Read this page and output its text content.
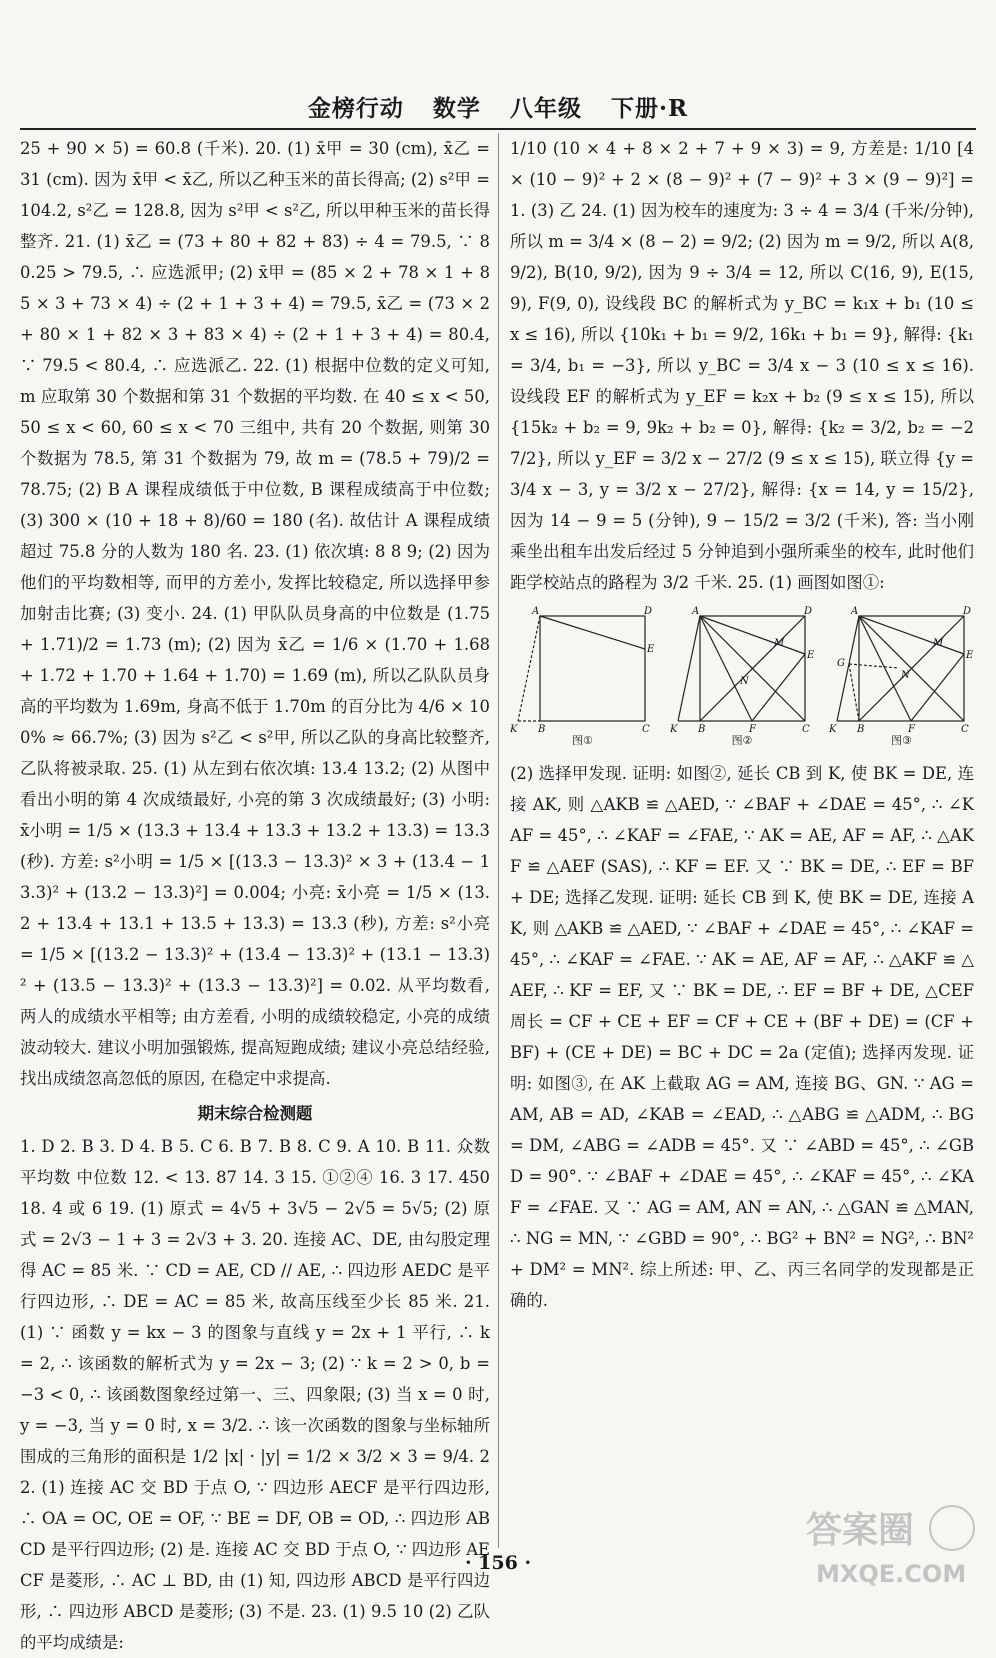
金榜行动 数学 八年级 下册·R

25 + 90 × 5) = 60.8 (千米). 20. (1) x̄甲 = 30 (cm), x̄乙 = 31 (cm). 因为 x̄甲 < x̄乙, 所以乙种玉米的苗长得高; (2) s²甲 = 104.2, s²乙 = 128.8, 因为 s²甲 < s²乙, 所以甲种玉米的苗长得整齐. 21. (1) x̄乙 = (73 + 80 + 82 + 83) ÷ 4 = 79.5, ∵ 80.25 > 79.5, ∴ 应选派甲; (2) x̄甲 = (85 × 2 + 78 × 1 + 85 × 3 + 73 × 4) ÷ (2 + 1 + 3 + 4) = 79.5, x̄乙 = (73 × 2 + 80 × 1 + 82 × 3 + 83 × 4) ÷ (2 + 1 + 3 + 4) = 80.4, ∵ 79.5 < 80.4, ∴ 应选派乙. 22. (1) 根据中位数的定义可知, m 应取第 30 个数据和第 31 个数据的平均数. 在 40 ≤ x < 50, 50 ≤ x < 60, 60 ≤ x < 70 三组中, 共有 20 个数据, 则第 30 个数据为 78.5, 第 31 个数据为 79, 故 m = (78.5 + 79)/2 = 78.75; (2) B A 课程成绩低于中位数, B 课程成绩高于中位数; (3) 300 × (10 + 18 + 8)/60 = 180 (名). 故估计 A 课程成绩超过 75.8 分的人数为 180 名. 23. (1) 依次填: 8 8 9; (2) 因为他们的平均数相等, 而甲的方差小, 发挥比较稳定, 所以选择甲参加射击比赛; (3) 变小. 24. (1) 甲队队员身高的中位数是 (1.75 + 1.71)/2 = 1.73 (m); (2) 因为 x̄乙 = 1/6 × (1.70 + 1.68 + 1.72 + 1.70 + 1.64 + 1.70) = 1.69 (m), 所以乙队队员身高的平均数为 1.69m, 身高不低于 1.70m 的百分比为 4/6 × 100% ≈ 66.7%; (3) 因为 s²乙 < s²甲, 所以乙队的身高比较整齐, 乙队将被录取. 25. (1) 从左到右依次填: 13.4 13.2; (2) 从图中看出小明的第 4 次成绩最好, 小亮的第 3 次成绩最好; (3) 小明: x̄小明 = 1/5 × (13.3 + 13.4 + 13.3 + 13.2 + 13.3) = 13.3 (秒). 方差: s²小明 = 1/5 × [(13.3 − 13.3)² × 3 + (13.4 − 13.3)² + (13.2 − 13.3)²] = 0.004; 小亮: x̄小亮 = 1/5 × (13.2 + 13.4 + 13.1 + 13.5 + 13.3) = 13.3 (秒), 方差: s²小亮 = 1/5 × [(13.2 − 13.3)² + (13.4 − 13.3)² + (13.1 − 13.3)² + (13.5 − 13.3)² + (13.3 − 13.3)²] = 0.02. 从平均数看, 两人的成绩水平相等; 由方差看, 小明的成绩较稳定, 小亮的成绩波动较大. 建议小明加强锻炼, 提高短跑成绩; 建议小亮总结经验, 找出成绩忽高忽低的原因, 在稳定中求提高.

期末综合检测题

1. D 2. B 3. D 4. B 5. C 6. B 7. B 8. C 9. A 10. B 11. 众数 平均数 中位数 12. < 13. 87 14. 3 15. ①②④ 16. 3 17. 450 18. 4 或 6 19. (1) 原式 = 4√5 + 3√5 − 2√5 = 5√5; (2) 原式 = 2√3 − 1 + 3 = 2√3 + 3. 20. 连接 AC、DE, 由勾股定理得 AC = 85 米. ∵ CD = AE, CD // AE, ∴ 四边形 AEDC 是平行四边形, ∴ DE = AC = 85 米, 故高压线至少长 85 米. 21. (1) ∵ 函数 y = kx − 3 的图象与直线 y = 2x + 1 平行, ∴ k = 2, ∴ 该函数的解析式为 y = 2x − 3; (2) ∵ k = 2 > 0, b = −3 < 0, ∴ 该函数图象经过第一、三、四象限; (3) 当 x = 0 时, y = −3, 当 y = 0 时, x = 3/2. ∴ 该一次函数的图象与坐标轴所围成的三角形的面积是 1/2 |x| · |y| = 1/2 × 3/2 × 3 = 9/4. 22. (1) 连接 AC 交 BD 于点 O, ∵ 四边形 AECF 是平行四边形, ∴ OA = OC, OE = OF, ∵ BE = DF, OB = OD, ∴ 四边形 ABCD 是平行四边形; (2) 是. 连接 AC 交 BD 于点 O, ∵ 四边形 AECF 是菱形, ∴ AC ⊥ BD, 由 (1) 知, 四边形 ABCD 是平行四边形, ∴ 四边形 ABCD 是菱形; (3) 不是. 23. (1) 9.5 10 (2) 乙队的平均成绩是:

1/10 (10 × 4 + 8 × 2 + 7 + 9 × 3) = 9, 方差是: 1/10 [4 × (10 − 9)² + 2 × (8 − 9)² + (7 − 9)² + 3 × (9 − 9)²] = 1. (3) 乙 24. (1) 因为校车的速度为: 3 ÷ 4 = 3/4 (千米/分钟), 所以 m = 3/4 × (8 − 2) = 9/2; (2) 因为 m = 9/2, 所以 A(8, 9/2), B(10, 9/2), 因为 9 ÷ 3/4 = 12, 所以 C(16, 9), E(15, 9), F(9, 0), 设线段 BC 的解析式为 y_BC = k₁x + b₁ (10 ≤ x ≤ 16), 所以 {10k₁ + b₁ = 9/2, 16k₁ + b₁ = 9}, 解得: {k₁ = 3/4, b₁ = −3}, 所以 y_BC = 3/4 x − 3 (10 ≤ x ≤ 16). 设线段 EF 的解析式为 y_EF = k₂x + b₂ (9 ≤ x ≤ 15), 所以 {15k₂ + b₂ = 9, 9k₂ + b₂ = 0}, 解得: {k₂ = 3/2, b₂ = −27/2}, 所以 y_EF = 3/2 x − 27/2 (9 ≤ x ≤ 15), 联立得 {y = 3/4 x − 3, y = 3/2 x − 27/2}, 解得: {x = 14, y = 15/2}, 因为 14 − 9 = 5 (分钟), 9 − 15/2 = 3/2 (千米), 答: 当小刚乘坐出租车出发后经过 5 分钟追到小强所乘坐的校车, 此时他们距学校站点的路程为 3/2 千米. 25. (1) 画图如图①:

A	D
E
K B	C
图①
A	D
E
M
N
K B	F	C
图②
A	D
E
M
N
G
K B	F	C
图③

(2) 选择甲发现. 证明: 如图②, 延长 CB 到 K, 使 BK = DE, 连接 AK, 则 △AKB ≌ △AED, ∵ ∠BAF + ∠DAE = 45°, ∴ ∠KAF = 45°, ∴ ∠KAF = ∠FAE, ∵ AK = AE, AF = AF, ∴ △AKF ≌ △AEF (SAS), ∴ KF = EF. 又 ∵ BK = DE, ∴ EF = BF + DE; 选择乙发现. 证明: 延长 CB 到 K, 使 BK = DE, 连接 AK, 则 △AKB ≌ △AED, ∵ ∠BAF + ∠DAE = 45°, ∴ ∠KAF = 45°, ∴ ∠KAF = ∠FAE. ∵ AK = AE, AF = AF, ∴ △AKF ≌ △AEF, ∴ KF = EF, 又 ∵ BK = DE, ∴ EF = BF + DE, △CEF 周长 = CF + CE + EF = CF + CE + (BF + DE) = (CF + BF) + (CE + DE) = BC + DC = 2a (定值); 选择丙发现. 证明: 如图③, 在 AK 上截取 AG = AM, 连接 BG、GN. ∵ AG = AM, AB = AD, ∠KAB = ∠EAD, ∴ △ABG ≌ △ADM, ∴ BG = DM, ∠ABG = ∠ADB = 45°. 又 ∵ ∠ABD = 45°, ∴ ∠GBD = 90°. ∵ ∠BAF + ∠DAE = 45°, ∴ ∠KAF = 45°, ∴ ∠KAF = ∠FAE. 又 ∵ AG = AM, AN = AN, ∴ △GAN ≌ △MAN, ∴ NG = MN, ∵ ∠GBD = 90°, ∴ BG² + BN² = NG², ∴ BN² + DM² = MN². 综上所述: 甲、乙、丙三名同学的发现都是正确的.

· 156 ·
答案圈
MXQE.COM
